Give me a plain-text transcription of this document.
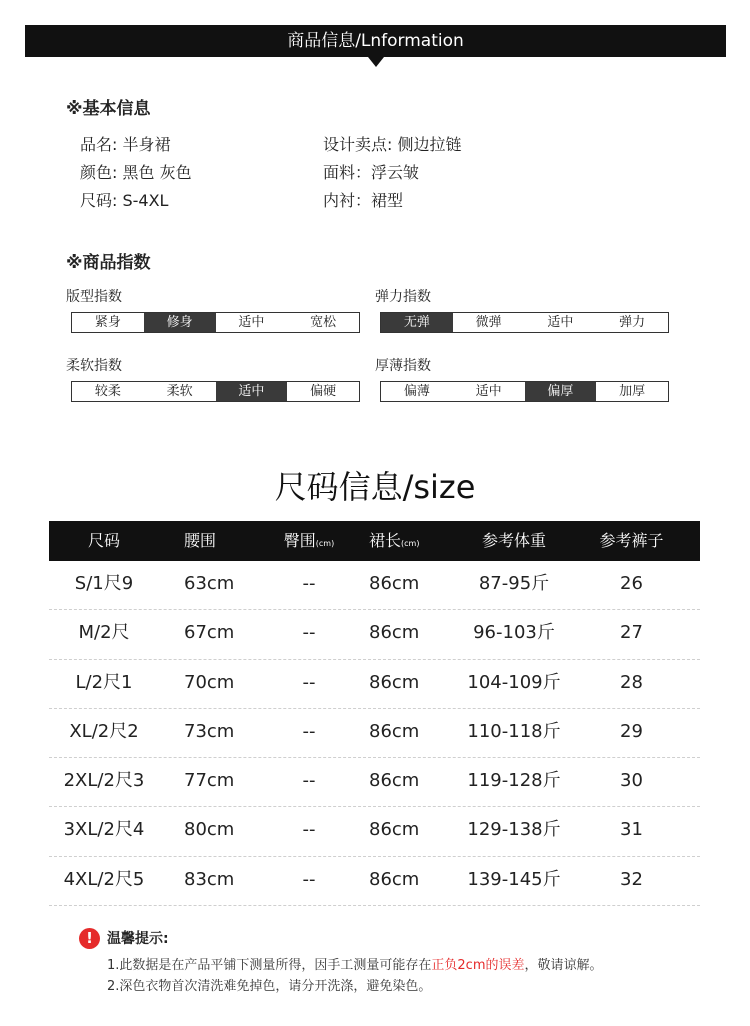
商品信息/Lnformation
※基本信息
品名: 半身裙	设计卖点: 侧边拉链
颜色: 黑色 灰色	面料：浮云皱
尺码: S-4XL	内衬：裙型
※商品指数
版型指数
紧身	修身	适中	宽松
弹力指数
无弹	微弹	适中	弹力
柔软指数
较柔	柔软	适中	偏硬
厚薄指数
偏薄	适中	偏厚	加厚
尺码信息/size
尺码	腰围	臀围(cm)	裙长(cm)	参考体重	参考裤子
S/1尺9	63cm	--	86cm	87-95斤	26
M/2尺	67cm	--	86cm	96-103斤	27
L/2尺1	70cm	--	86cm	104-109斤	28
XL/2尺2	73cm	--	86cm	110-118斤	29
2XL/2尺3	77cm	--	86cm	119-128斤	30
3XL/2尺4	80cm	--	86cm	129-138斤	31
4XL/2尺5	83cm	--	86cm	139-145斤	32
!	温馨提示:
1.此数据是在产品平铺下测量所得，因手工测量可能存在正负2cm的误差，敬请谅解。
2.深色衣物首次清洗难免掉色，请分开洗涤，避免染色。
